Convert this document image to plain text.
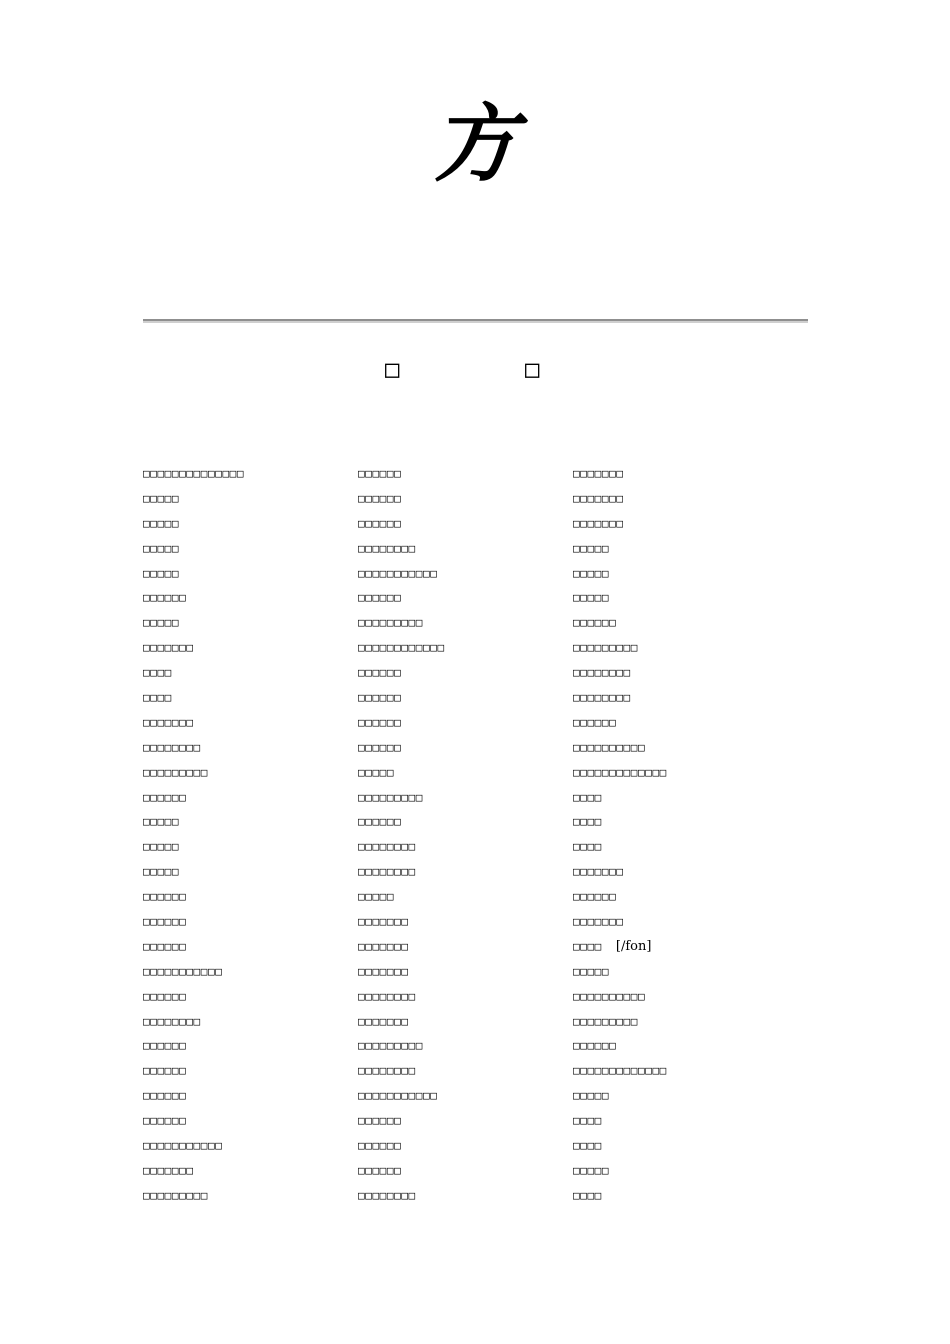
方
□	□
□□□□□□□□□□□□□□
□□□□□
□□□□□
□□□□□
□□□□□
□□□□□□
□□□□□
□□□□□□□
□□□□
□□□□
□□□□□□□
□□□□□□□□
□□□□□□□□□
□□□□□□
□□□□□
□□□□□
□□□□□
□□□□□□
□□□□□□
□□□□□□
□□□□□□□□□□□
□□□□□□
□□□□□□□□
□□□□□□
□□□□□□
□□□□□□
□□□□□□
□□□□□□□□□□□
□□□□□□□
□□□□□□□□□
□□□□□□
□□□□□□
□□□□□□
□□□□□□□□
□□□□□□□□□□□
□□□□□□
□□□□□□□□□
□□□□□□□□□□□□
□□□□□□
□□□□□□
□□□□□□
□□□□□□
□□□□□
□□□□□□□□□
□□□□□□
□□□□□□□□
□□□□□□□□
□□□□□
□□□□□□□
□□□□□□□
□□□□□□□
□□□□□□□□
□□□□□□□
□□□□□□□□□
□□□□□□□□
□□□□□□□□□□□
□□□□□□
□□□□□□
□□□□□□
□□□□□□□□
□□□□□□□
□□□□□□□
□□□□□□□
□□□□□
□□□□□
□□□□□
□□□□□□
□□□□□□□□□
□□□□□□□□
□□□□□□□□
□□□□□□
□□□□□□□□□□
□□□□□□□□□□□□□
□□□□
□□□□
□□□□
□□□□□□□
□□□□□□
□□□□□□□
□□□□ [/fon]
□□□□□
□□□□□□□□□□
□□□□□□□□□
□□□□□□
□□□□□□□□□□□□□
□□□□□
□□□□
□□□□
□□□□□
□□□□
